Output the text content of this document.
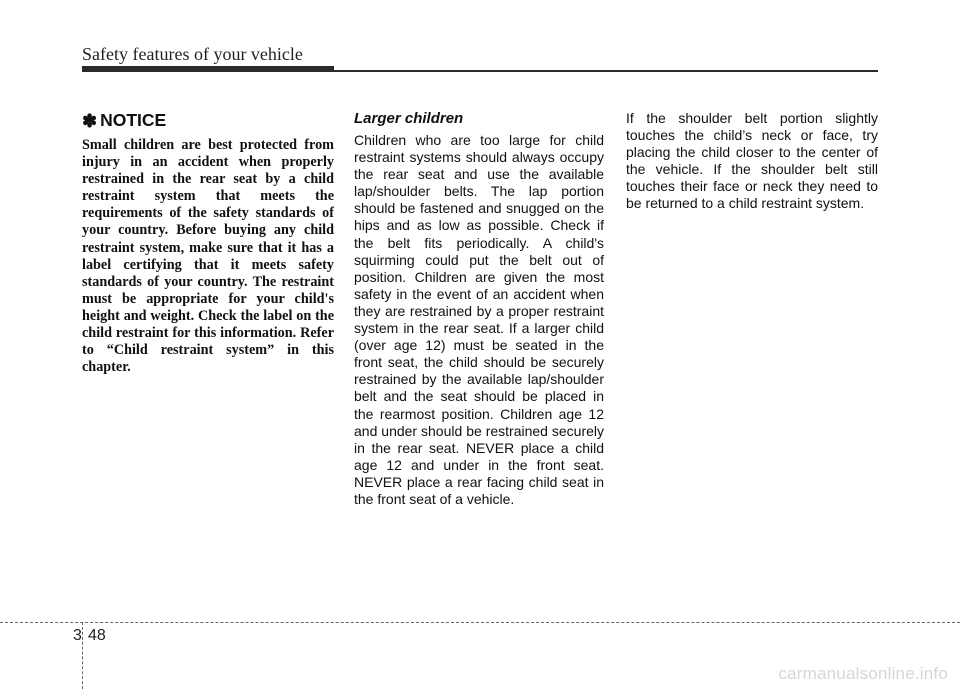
Safety features of your vehicle
✽ NOTICE

Small children are best protected from injury in an accident when properly restrained in the rear seat by a child restraint system that meets the requirements of the safety standards of your country. Before buying any child restraint system, make sure that it has a label certifying that it meets safety standards of your country. The restraint must be appropriate for your child's height and weight. Check the label on the child restraint for this information. Refer to “Child restraint system” in this chapter.

Larger children

Children who are too large for child restraint systems should always occupy the rear seat and use the available lap/shoulder belts. The lap portion should be fastened and snugged on the hips and as low as possible. Check if the belt fits periodically. A child's squirming could put the belt out of position. Children are given the most safety in the event of an accident when they are restrained by a proper restraint system in the rear seat. If a larger child (over age 12) must be seated in the front seat, the child should be securely restrained by the available lap/shoulder belt and the seat should be placed in the rearmost position. Children age 12 and under should be restrained securely in the rear seat. NEVER place a child age 12 and under in the front seat. NEVER place a rear facing child seat in the front seat of a vehicle.

If the shoulder belt portion slightly touches the child’s neck or face, try placing the child closer to the center of the vehicle. If the shoulder belt still touches their face or neck they need to be returned to a child restraint system.

3 48
carmanualsonline.info
